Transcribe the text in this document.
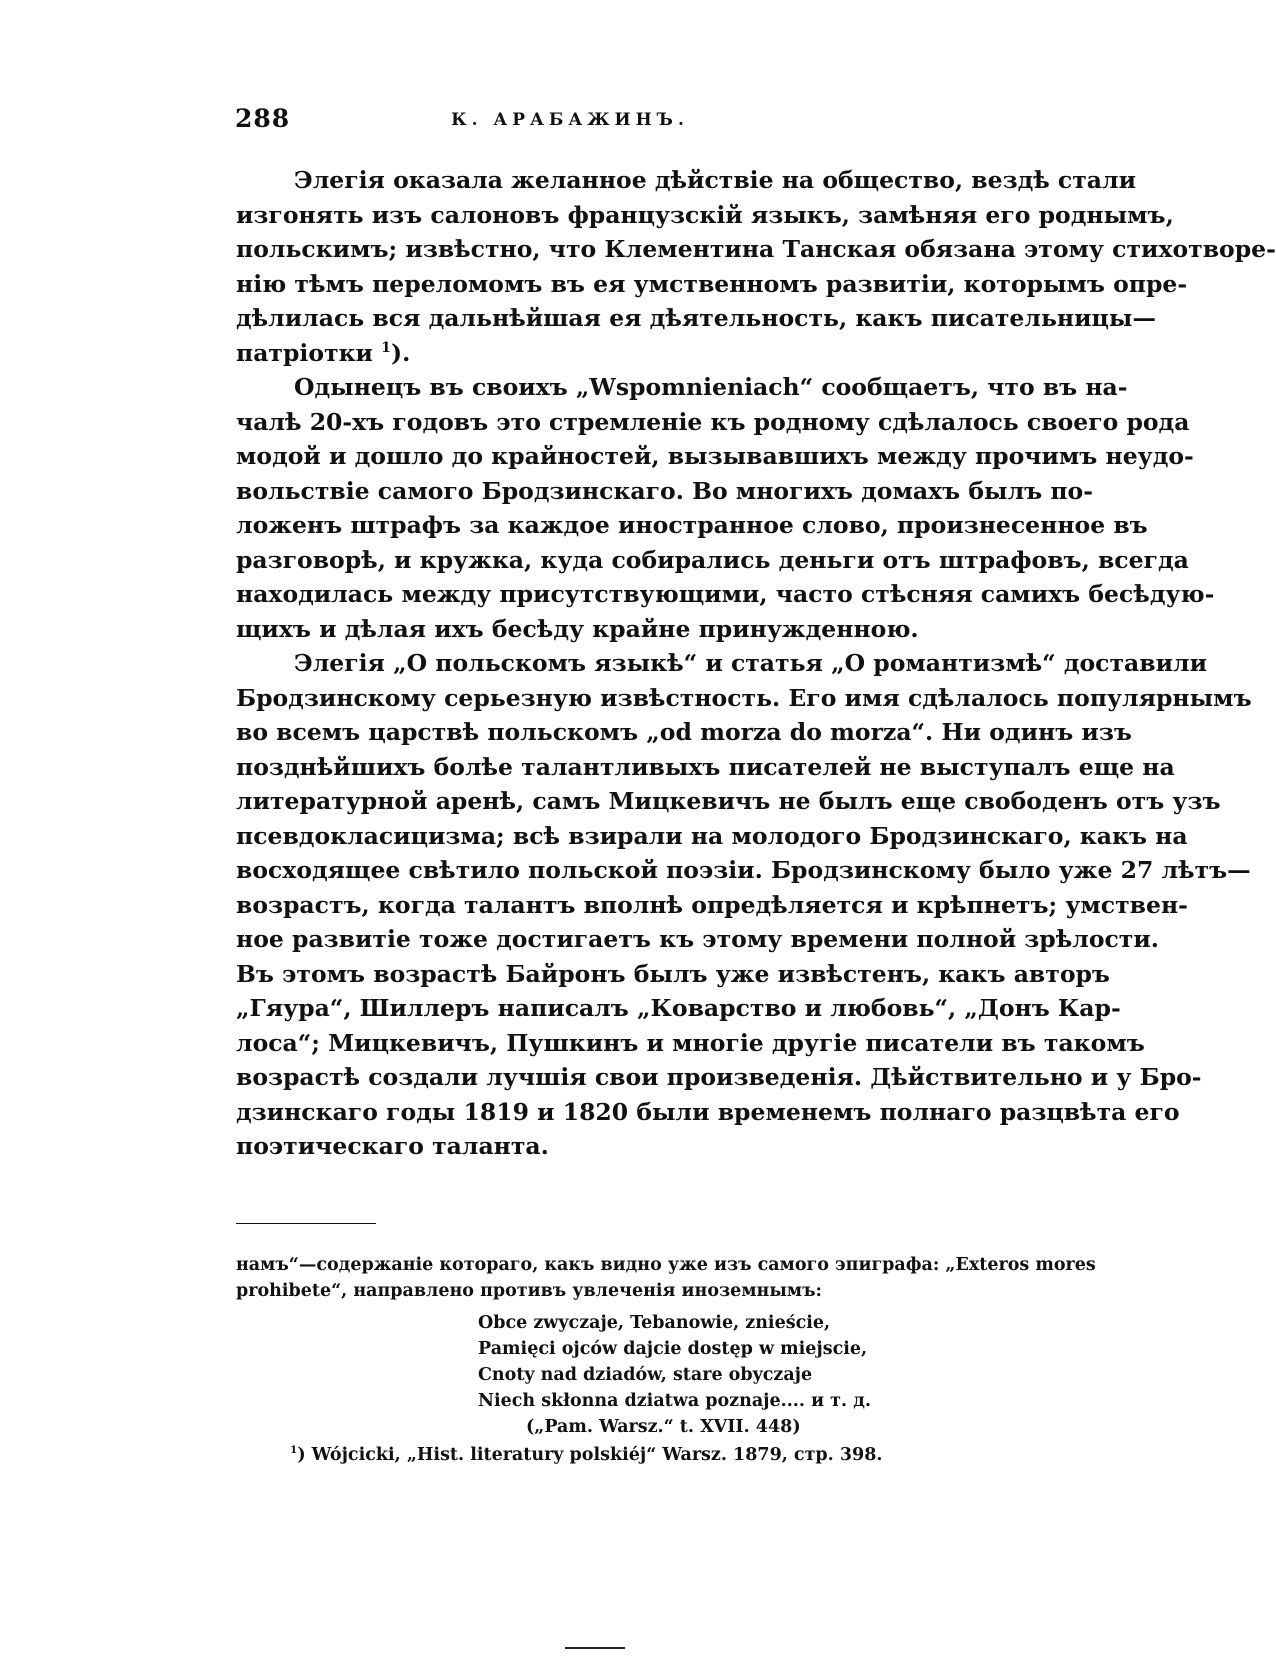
288	К. АРАБАЖИНЪ.

Элегія оказала желанное дѣйствіе на общество, вездѣ стали
изгонять изъ салоновъ французскій языкъ, замѣняя его роднымъ,
польскимъ; извѣстно, что Клементина Танская обязана этому стихотворе-
нію тѣмъ переломомъ въ ея умственномъ развитіи, которымъ опре-
дѣлилась вся дальнѣйшая ея дѣятельность, какъ писательницы—
патріотки $^1$).

Одынецъ въ своихъ „Wspomnieniach“ сообщаетъ, что въ на-
чалѣ 20-хъ годовъ это стремленіе къ родному сдѣлалось своего рода
модой и дошло до крайностей, вызывавшихъ между прочимъ неудо-
вольствіе самого Бродзинскаго. Во многихъ домахъ былъ по-
ложенъ штрафъ за каждое иностранное слово, произнесенное въ
разговорѣ, и кружка, куда собирались деньги отъ штрафовъ, всегда
находилась между присутствующими, часто стѣсняя самихъ бесѣдую-
щихъ и дѣлая ихъ бесѣду крайне принужденною.

Элегія „О польскомъ языкѣ“ и статья „О романтизмѣ“ доставили
Бродзинскому серьезную извѣстность. Его имя сдѣлалось популярнымъ
во всемъ царствѣ польскомъ „od morza do morza“. Ни одинъ изъ
позднѣйшихъ болѣе талантливыхъ писателей не выступалъ еще на
литературной аренѣ, самъ Мицкевичъ не былъ еще свободенъ отъ узъ
псевдокласицизма; всѣ взирали на молодого Бродзинскаго, какъ на
восходящее свѣтило польской поэзіи. Бродзинскому было уже 27 лѣтъ—
возрастъ, когда талантъ вполнѣ опредѣляется и крѣпнетъ; умствен-
ное развитіе тоже достигаетъ къ этому времени полной зрѣлости.
Въ этомъ возрастѣ Байронъ былъ уже извѣстенъ, какъ авторъ
„Гяура“, Шиллеръ написалъ „Коварство и любовь“, „Донъ Кар-
лоса“; Мицкевичъ, Пушкинъ и многіе другіе писатели въ такомъ
возрастѣ создали лучшія свои произведенія. Дѣйствительно и у Бро-
дзинскаго годы 1819 и 1820 были временемъ полнаго разцвѣта его
поэтическаго таланта.

намъ“—содержаніе котораго, какъ видно уже изъ самого эпиграфа: „Exteros mores
prohibete“, направлено противъ увлеченія иноземнымъ:
Obce zwyczaje, Tebanowie, znieście,
Pamięci ojców dajcie dostęp w miejscie,
Cnoty nad dziadów, stare obyczaje
Niech skłonna dziatwa poznaje.... и т. д.
(„Pam. Warsz.“ t. XVII. 448)
$^1$) Wójcicki, „Hist. literatury polskiéj“ Warsz. 1879, стр. 398.
